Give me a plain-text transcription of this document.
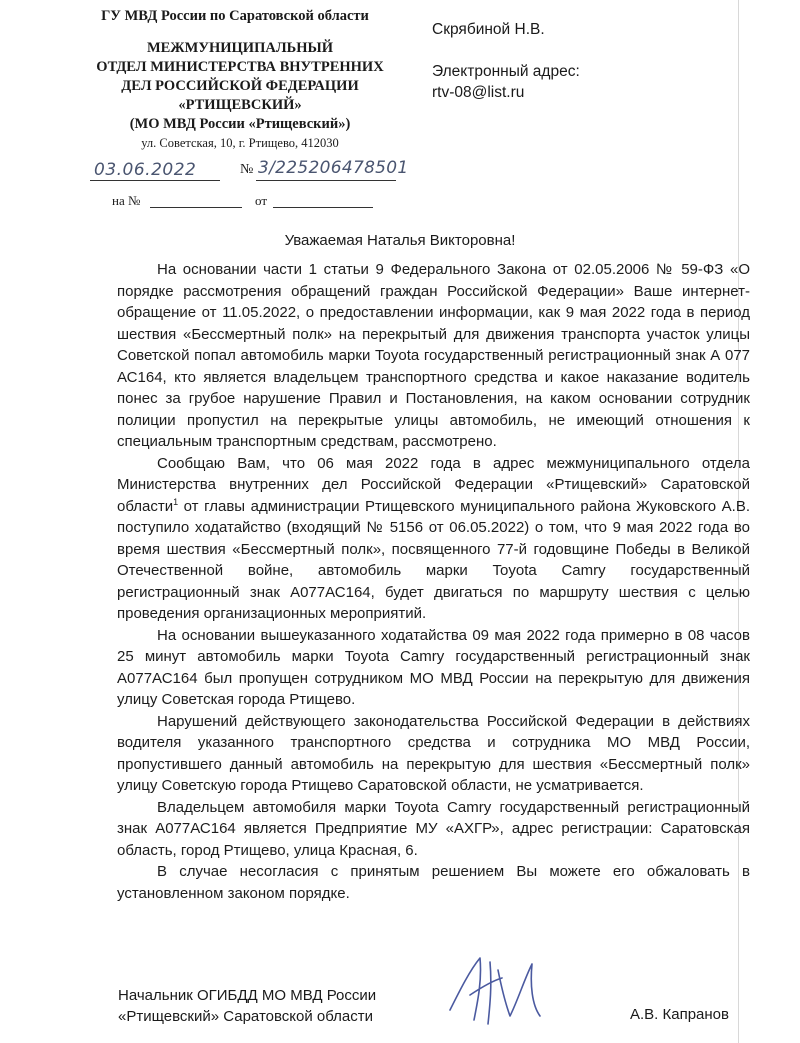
ГУ МВД России по Саратовской области
МЕЖМУНИЦИПАЛЬНЫЙ
ОТДЕЛ МИНИСТЕРСТВА ВНУТРЕННИХ
ДЕЛ РОССИЙСКОЙ ФЕДЕРАЦИИ
«РТИЩЕВСКИЙ»
(МО МВД России «Ртищевский»)
ул. Советская, 10, г. Ртищево, 412030
03.06.2022	№ 3/225206478501
на №	от
Скрябиной Н.В.
Электронный адрес:
rtv-08@list.ru
Уважаемая Наталья Викторовна!

На основании части 1 статьи 9 Федерального Закона от 02.05.2006 № 59-ФЗ «О порядке рассмотрения обращений граждан Российской Федерации» Ваше интернет-обращение от 11.05.2022, о предоставлении информации, как 9 мая 2022 года в период шествия «Бессмертный полк» на перекрытый для движения транспорта участок улицы Советской попал автомобиль марки Toyota государственный регистрационный знак А 077 АС164, кто является владельцем транспортного средства и какое наказание водитель понес за грубое нарушение Правил и Постановления, на каком основании сотрудник полиции пропустил на перекрытые улицы автомобиль, не имеющий отношения к специальным транспортным средствам, рассмотрено.

Сообщаю Вам, что 06 мая 2022 года в адрес межмуниципального отдела Министерства внутренних дел Российской Федерации «Ртищевский» Саратовской области$^1$ от главы администрации Ртищевского муниципального района Жуковского А.В. поступило ходатайство (входящий № 5156 от 06.05.2022) о том, что 9 мая 2022 года во время шествия «Бессмертный полк», посвященного 77-й годовщине Победы в Великой Отечественной войне, автомобиль марки Toyota Camry государственный регистрационный знак А077АС164, будет двигаться по маршруту шествия с целью проведения организационных мероприятий.

На основании вышеуказанного ходатайства 09 мая 2022 года примерно в 08 часов 25 минут автомобиль марки Toyota Camry государственный регистрационный знак А077АС164 был пропущен сотрудником МО МВД России на перекрытую для движения улицу Советская города Ртищево.

Нарушений действующего законодательства Российской Федерации в действиях водителя указанного транспортного средства и сотрудника МО МВД России, пропустившего данный автомобиль на перекрытую для шествия «Бессмертный полк» улицу Советскую города Ртищево Саратовской области, не усматривается.

Владельцем автомобиля марки Toyota Camry государственный регистрационный знак А077АС164 является Предприятие МУ «АХГР», адрес регистрации: Саратовская область, город Ртищево, улица Красная, 6.

В случае несогласия с принятым решением Вы можете его обжаловать в установленном законом порядке.

Начальник ОГИБДД МО МВД России
«Ртищевский» Саратовской области	А.В. Капранов
